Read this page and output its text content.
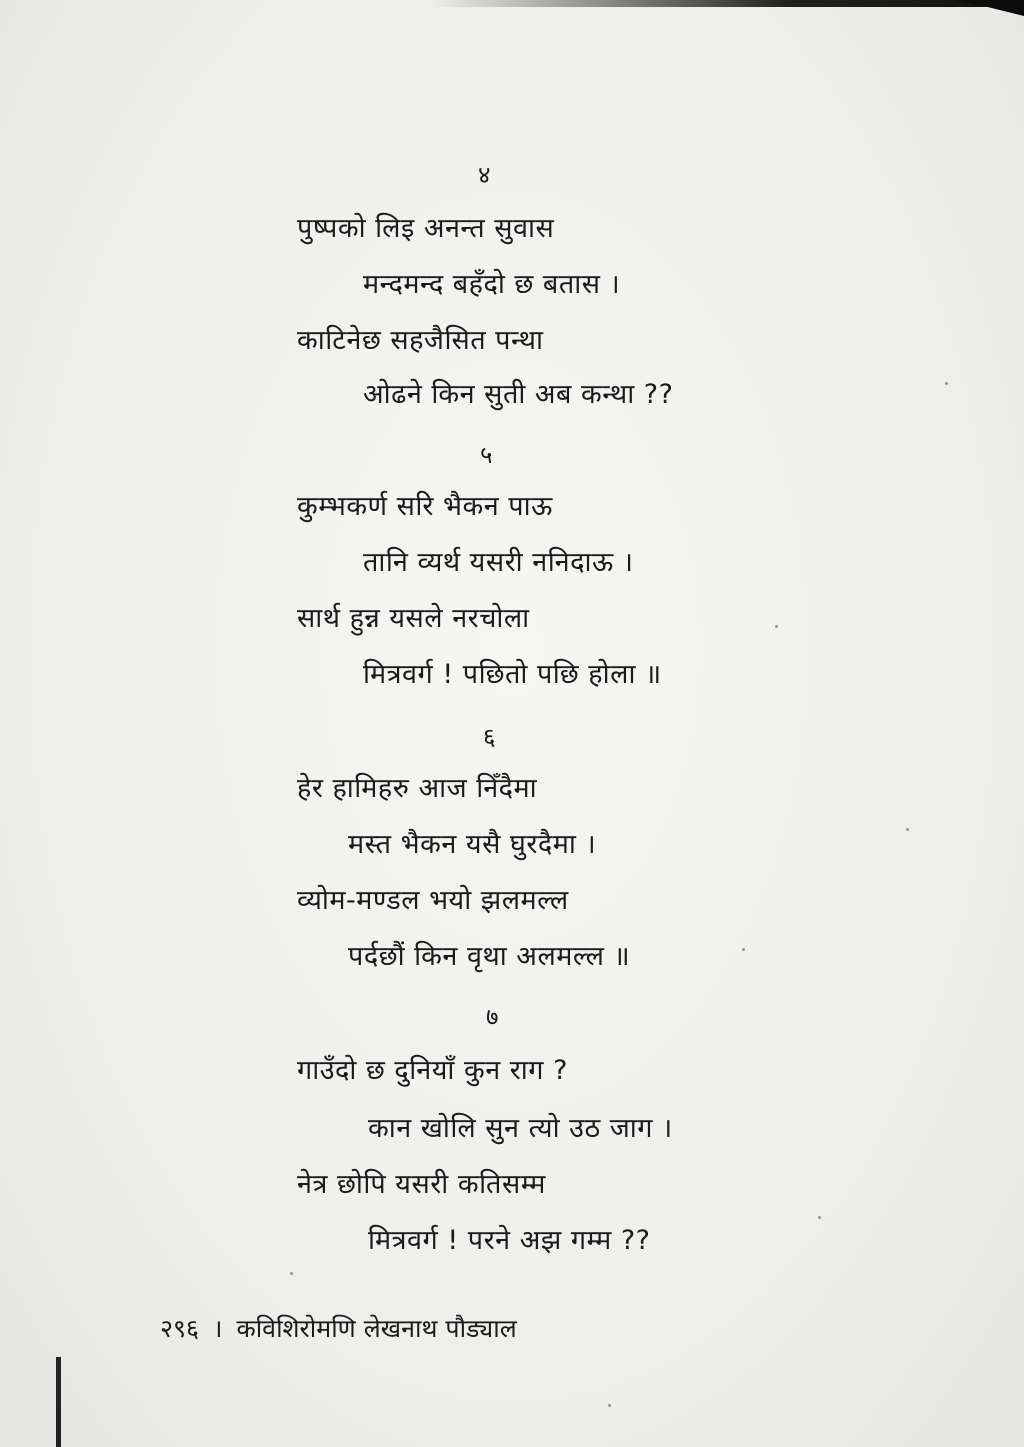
४
पुष्पको लिइ अनन्त सुवास
मन्दमन्द बहँदो छ बतास ।
काटिनेछ सहजैसित पन्था
ओढने किन सुती अब कन्था ??
५
कुम्भकर्ण सरि भैकन पाऊ
तानि व्यर्थ यसरी ननिदाऊ ।
सार्थ हुन्न यसले नरचोला
मित्रवर्ग ! पछितो पछि होला ॥
६
हेर हामिहरु आज निँदैमा
मस्त भैकन यसै घुरदैमा ।
व्योम-मण्डल भयो झलमल्ल
पर्दछौं किन वृथा अलमल्ल ॥
७
गाउँदो छ दुनियाँ कुन राग ?
कान खोलि सुन त्यो उठ जाग ।
नेत्र छोपि यसरी कतिसम्म
मित्रवर्ग ! परने अझ गम्म ??
२९६ । कविशिरोमणि लेखनाथ पौड्याल
